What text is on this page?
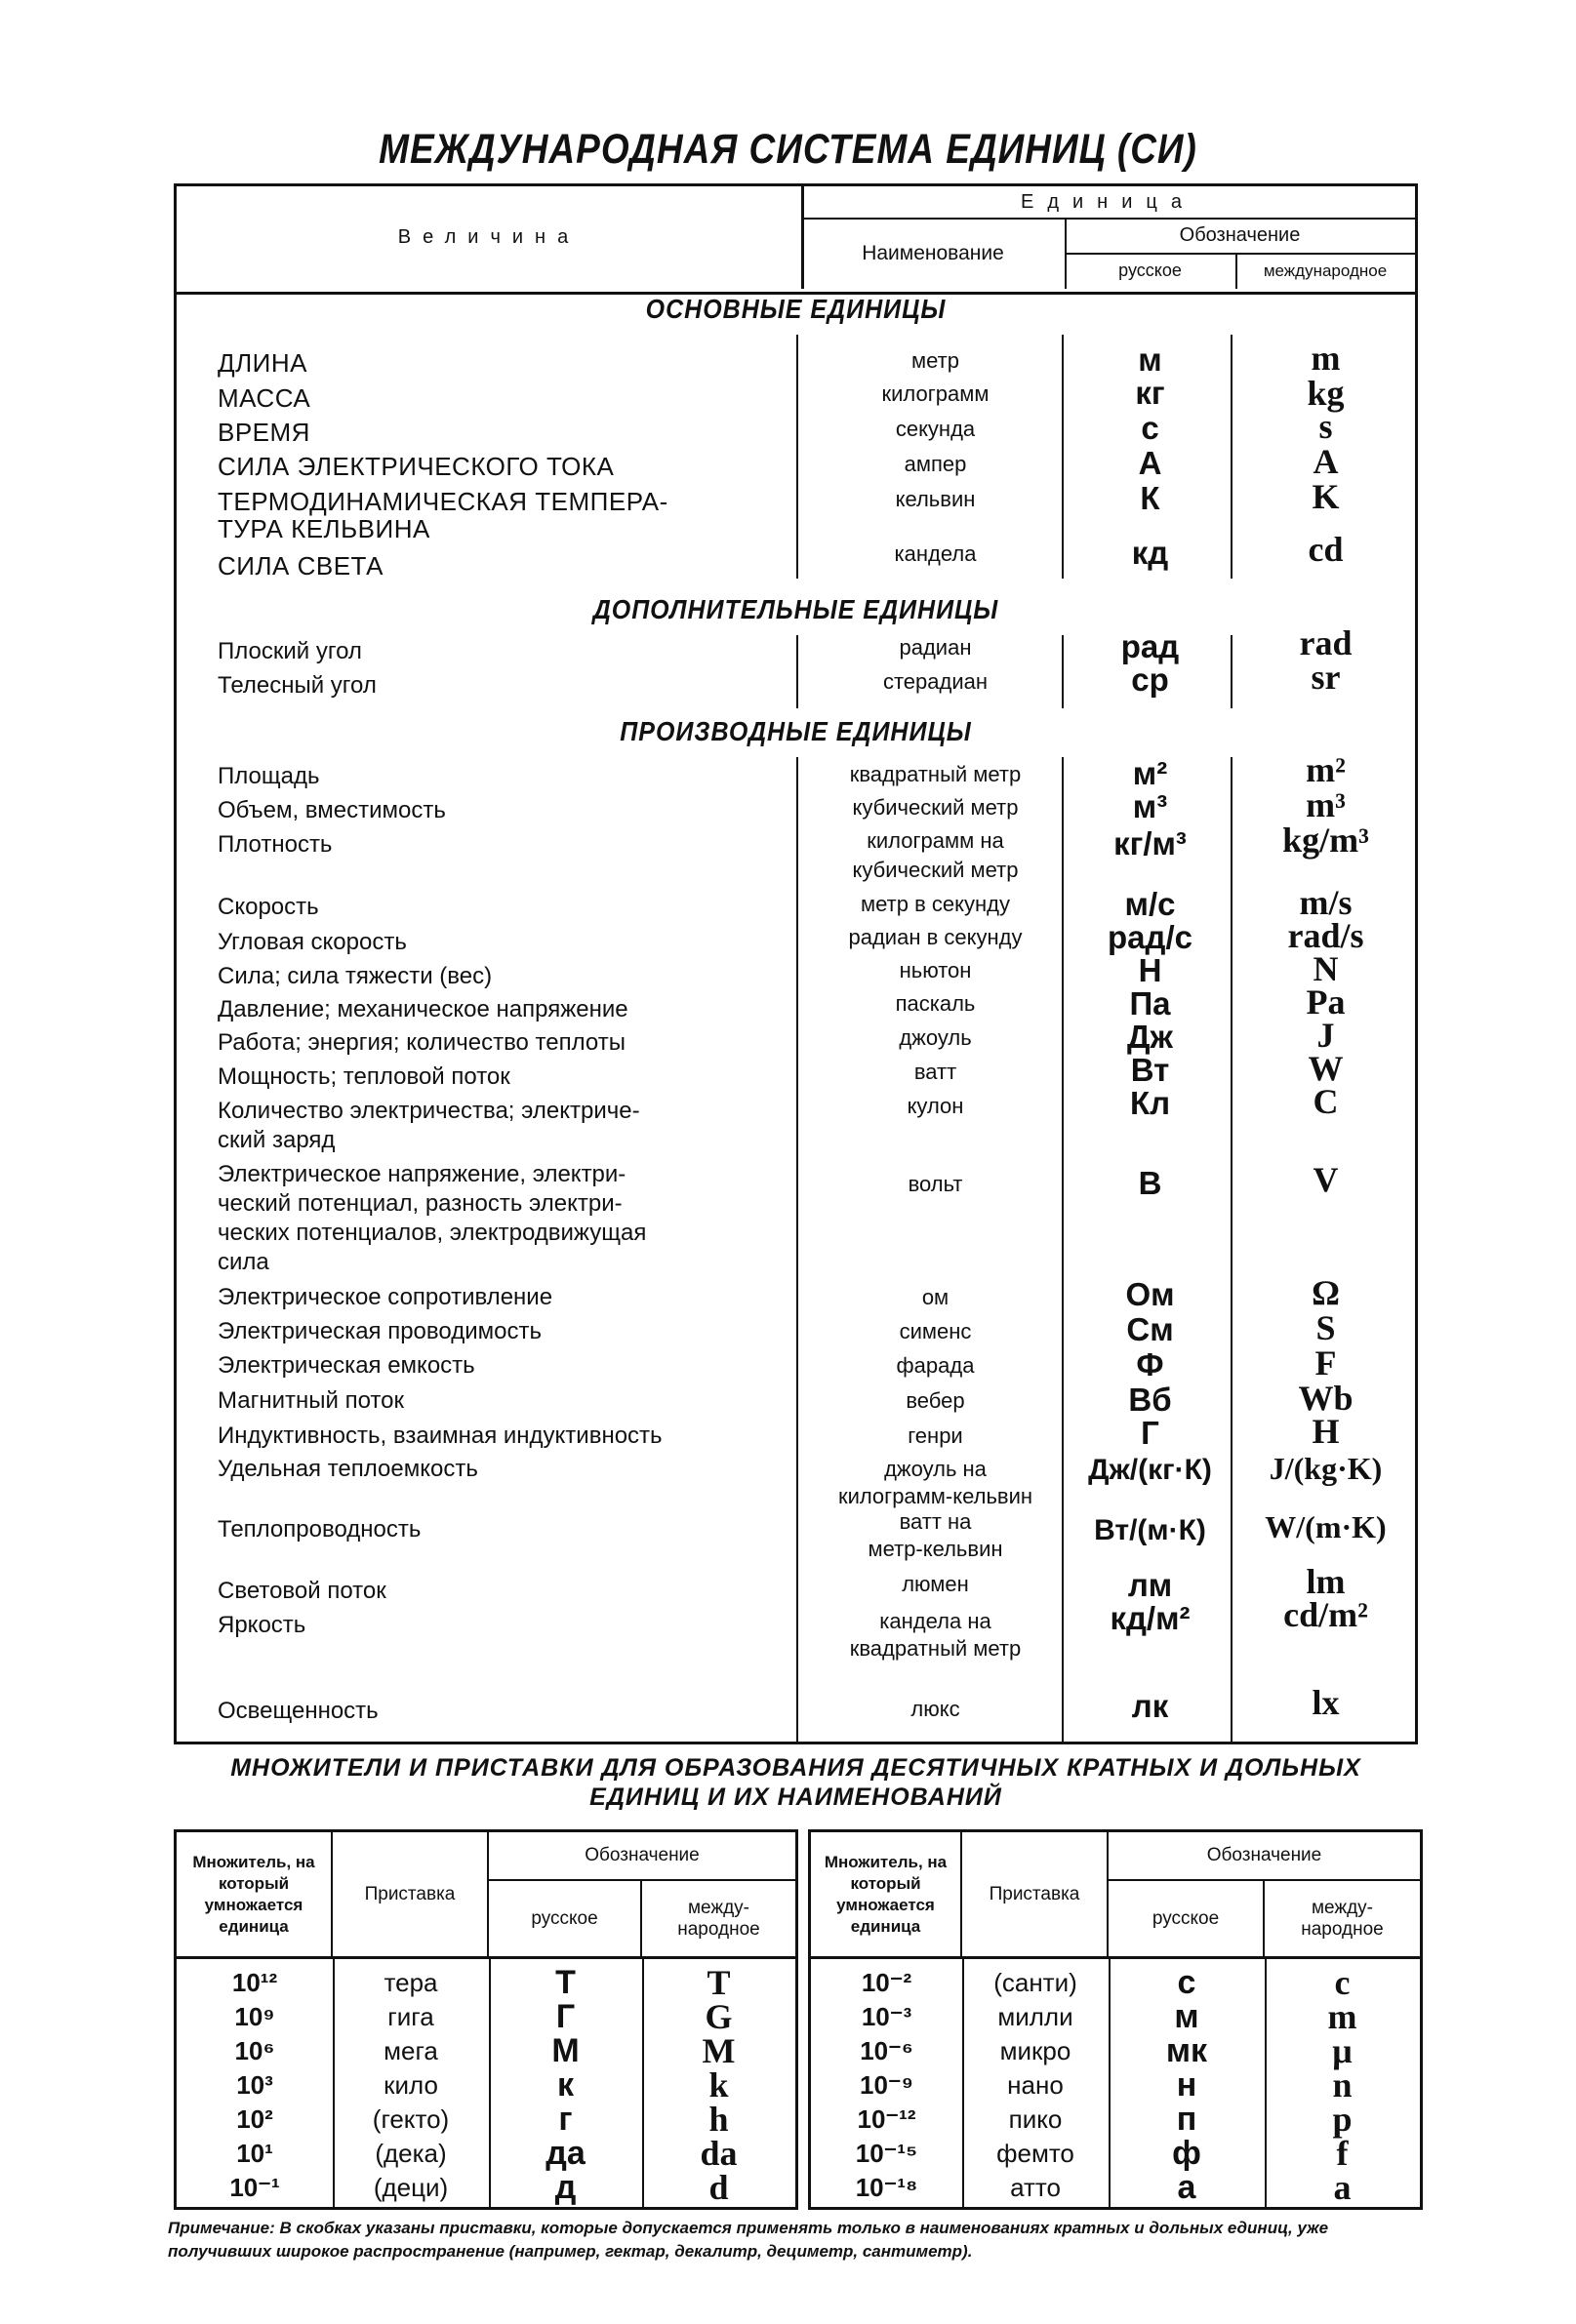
МЕЖДУНАРОДНАЯ СИСТЕМА ЕДИНИЦ (СИ)
Величина
Единица
Наименование
Обозначение
русское	международное
ОСНОВНЫЕ ЕДИНИЦЫ
ДОПОЛНИТЕЛЬНЫЕ ЕДИНИЦЫ
ПРОИЗВОДНЫЕ ЕДИНИЦЫ
ДЛИНА	метр	м	m
МАССА	килограмм	кг	kg
ВРЕМЯ	секунда	с	s
СИЛА ЭЛЕКТРИЧЕСКОГО ТОКА	ампер	А	A
ТЕРМОДИНАМИЧЕСКАЯ ТЕМПЕРА-
ТУРА КЕЛЬВИНА
кельвин	К	K
СИЛА СВЕТА	кандела	кд	cd
Плоский угол	радиан	рад	rad
Телесный угол	стерадиан	ср	sr
Площадь	квадратный метр	м²	m²
Объем, вместимость	кубический метр	м³	m³
Плотность	килограмм на
кубический метр
кг/м³	kg/m³
Скорость	метр в секунду	м/с	m/s
Угловая скорость	радиан в секунду	рад/с	rad/s
Сила; сила тяжести (вес)	ньютон	Н	N
Давление; механическое напряжение	паскаль	Па	Pa
Работа; энергия; количество теплоты	джоуль	Дж	J
Мощность; тепловой поток	ватт	Вт	W
Количество электричества; электриче-
ский заряд
кулон	Кл	C
Электрическое напряжение, электри-
ческий потенциал, разность электри-
ческих потенциалов, электродвижущая
сила
вольт	В	V
Электрическое сопротивление	ом	Ом	Ω
Электрическая проводимость	сименс	См	S
Электрическая емкость	фарада	Ф	F
Магнитный поток	вебер	Вб	Wb
Индуктивность, взаимная индуктивность	генри	Г	H
Удельная теплоемкость	джоуль на
килограмм-кельвин
Дж/(кг·К)	J/(kg·K)
Теплопроводность	ватт на
метр-кельвин
Вт/(м·К)	W/(m·K)
Световой поток	люмен	лм	lm
Яркость	кандела на
квадратный метр
кд/м²	cd/m²
Освещенность	люкс	лк	lx
МНОЖИТЕЛИ И ПРИСТАВКИ ДЛЯ ОБРАЗОВАНИЯ ДЕСЯТИЧНЫХ КРАТНЫХ И ДОЛЬНЫХ ЕДИНИЦ И ИХ НАИМЕНОВАНИЙ
Множитель, на который умножается единица
Приставка
Обозначение
русское
между-народное
10¹²	тера	Т	T
10⁹	гига	Г	G
10⁶	мега	М	M
10³	кило	к	k
10²	(гекто)	г	h
10¹	(дека)	да	da
10⁻¹	(деци)	д	d
Множитель, на который умножается единица
Приставка
Обозначение
русское
между-народное
10⁻²	(санти)	с	c
10⁻³	милли	м	m
10⁻⁶	микро	мк	μ
10⁻⁹	нано	н	n
10⁻¹²	пико	п	p
10⁻¹⁵	фемто	ф	f
10⁻¹⁸	атто	а	a
Примечание: В скобках указаны приставки, которые допускается применять только в наименованиях кратных и дольных единиц, уже получивших широкое распространение (например, гектар, декалитр, дециметр, сантиметр).
